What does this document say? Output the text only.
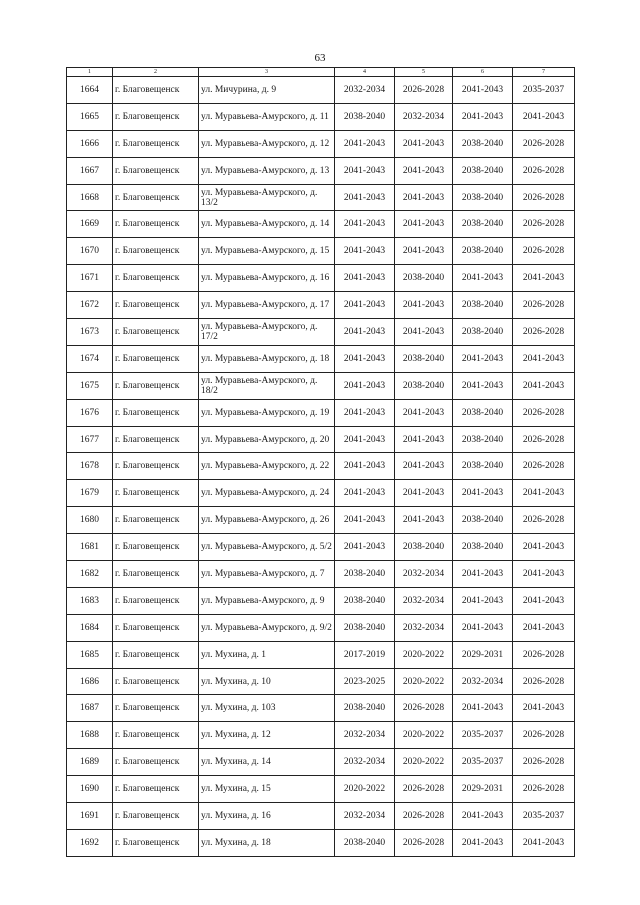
63
1	2	3	4	5	6	7
1664	г. Благовещенск	ул. Мичурина, д. 9	2032-2034	2026-2028	2041-2043	2035-2037
1665	г. Благовещенск	ул. Муравьева-Амурского, д. 11	2038-2040	2032-2034	2041-2043	2041-2043
1666	г. Благовещенск	ул. Муравьева-Амурского, д. 12	2041-2043	2041-2043	2038-2040	2026-2028
1667	г. Благовещенск	ул. Муравьева-Амурского, д. 13	2041-2043	2041-2043	2038-2040	2026-2028
1668	г. Благовещенск	ул. Муравьева-Амурского, д. 13/2	2041-2043	2041-2043	2038-2040	2026-2028
1669	г. Благовещенск	ул. Муравьева-Амурского, д. 14	2041-2043	2041-2043	2038-2040	2026-2028
1670	г. Благовещенск	ул. Муравьева-Амурского, д. 15	2041-2043	2041-2043	2038-2040	2026-2028
1671	г. Благовещенск	ул. Муравьева-Амурского, д. 16	2041-2043	2038-2040	2041-2043	2041-2043
1672	г. Благовещенск	ул. Муравьева-Амурского, д. 17	2041-2043	2041-2043	2038-2040	2026-2028
1673	г. Благовещенск	ул. Муравьева-Амурского, д. 17/2	2041-2043	2041-2043	2038-2040	2026-2028
1674	г. Благовещенск	ул. Муравьева-Амурского, д. 18	2041-2043	2038-2040	2041-2043	2041-2043
1675	г. Благовещенск	ул. Муравьева-Амурского, д. 18/2	2041-2043	2038-2040	2041-2043	2041-2043
1676	г. Благовещенск	ул. Муравьева-Амурского, д. 19	2041-2043	2041-2043	2038-2040	2026-2028
1677	г. Благовещенск	ул. Муравьева-Амурского, д. 20	2041-2043	2041-2043	2038-2040	2026-2028
1678	г. Благовещенск	ул. Муравьева-Амурского, д. 22	2041-2043	2041-2043	2038-2040	2026-2028
1679	г. Благовещенск	ул. Муравьева-Амурского, д. 24	2041-2043	2041-2043	2041-2043	2041-2043
1680	г. Благовещенск	ул. Муравьева-Амурского, д. 26	2041-2043	2041-2043	2038-2040	2026-2028
1681	г. Благовещенск	ул. Муравьева-Амурского, д. 5/2	2041-2043	2038-2040	2038-2040	2041-2043
1682	г. Благовещенск	ул. Муравьева-Амурского, д. 7	2038-2040	2032-2034	2041-2043	2041-2043
1683	г. Благовещенск	ул. Муравьева-Амурского, д. 9	2038-2040	2032-2034	2041-2043	2041-2043
1684	г. Благовещенск	ул. Муравьева-Амурского, д. 9/2	2038-2040	2032-2034	2041-2043	2041-2043
1685	г. Благовещенск	ул. Мухина, д. 1	2017-2019	2020-2022	2029-2031	2026-2028
1686	г. Благовещенск	ул. Мухина, д. 10	2023-2025	2020-2022	2032-2034	2026-2028
1687	г. Благовещенск	ул. Мухина, д. 103	2038-2040	2026-2028	2041-2043	2041-2043
1688	г. Благовещенск	ул. Мухина, д. 12	2032-2034	2020-2022	2035-2037	2026-2028
1689	г. Благовещенск	ул. Мухина, д. 14	2032-2034	2020-2022	2035-2037	2026-2028
1690	г. Благовещенск	ул. Мухина, д. 15	2020-2022	2026-2028	2029-2031	2026-2028
1691	г. Благовещенск	ул. Мухина, д. 16	2032-2034	2026-2028	2041-2043	2035-2037
1692	г. Благовещенск	ул. Мухина, д. 18	2038-2040	2026-2028	2041-2043	2041-2043
